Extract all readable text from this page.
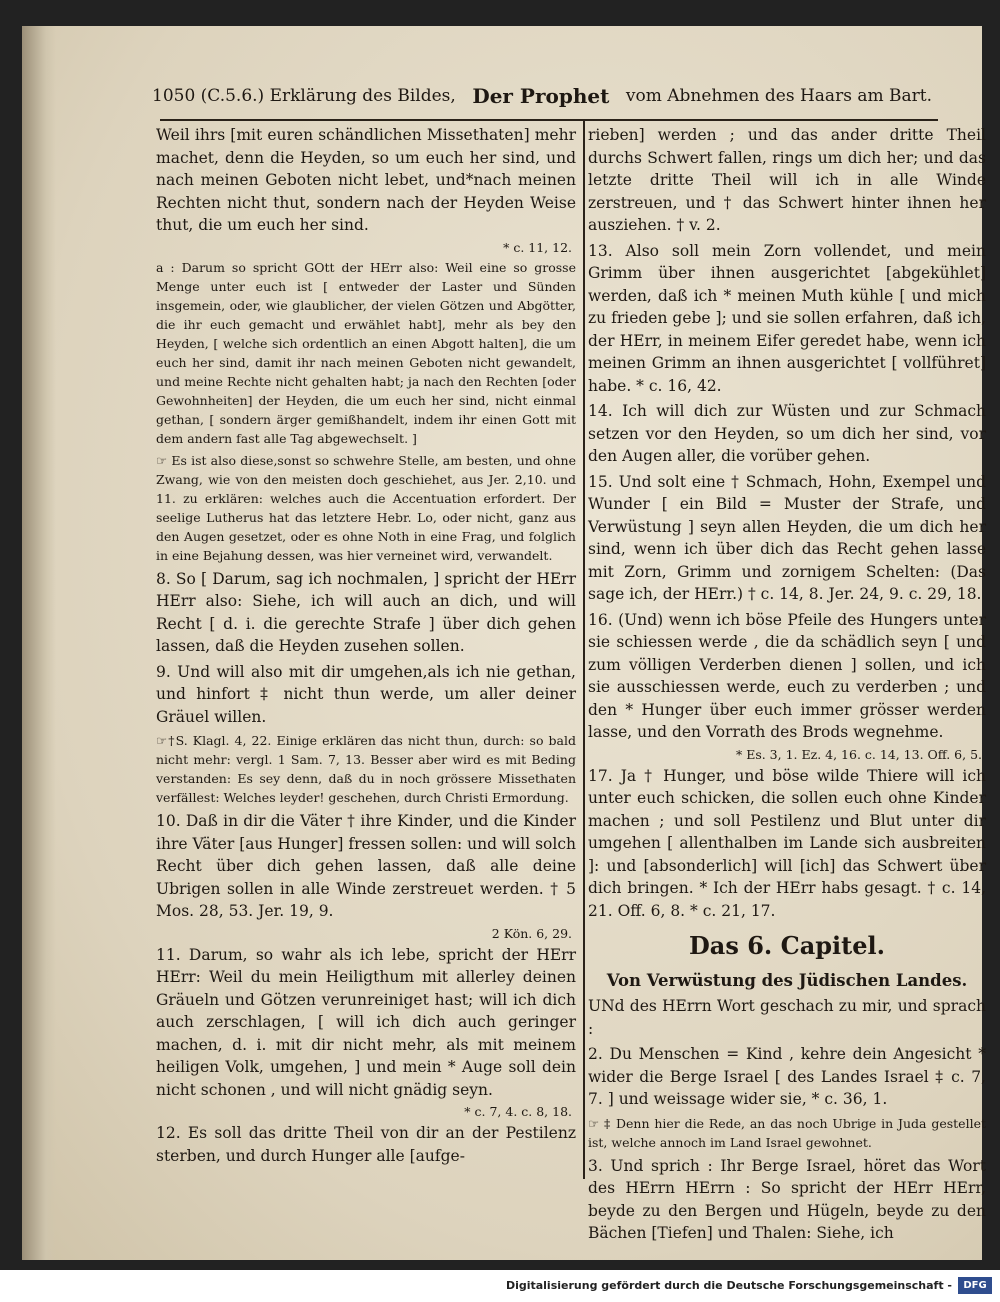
1050 (C.5.6.) Erklärung des Bildes, Der Prophet vom Abnehmen des Haars am Bart.

Weil ihrs [mit euren schändlichen Missethaten] mehr machet, denn die Heyden, so um euch her sind, und nach meinen Geboten nicht lebet, und*nach meinen Rechten nicht thut, sondern nach der Heyden Weise thut, die um euch her sind.

* c. 11, 12.

a : Darum so spricht GOtt der HErr also: Weil eine so grosse Menge unter euch ist [ entweder der Laster und Sünden insgemein, oder, wie glaublicher, der vielen Götzen und Abgötter, die ihr euch gemacht und erwählet habt], mehr als bey den Heyden, [ welche sich ordentlich an einen Abgott halten], die um euch her sind, damit ihr nach meinen Geboten nicht gewandelt, und meine Rechte nicht gehalten habt; ja nach den Rechten [oder Gewohnheiten] der Heyden, die um euch her sind, nicht einmal gethan, [ sondern ärger gemißhandelt, indem ihr einen Gott mit dem andern fast alle Tag abgewechselt. ]

☞ Es ist also diese,sonst so schwehre Stelle, am besten, und ohne Zwang, wie von den meisten doch geschiehet, aus Jer. 2,10. und 11. zu erklären: welches auch die Accentuation erfordert. Der seelige Lutherus hat das letztere Hebr. Lo, oder nicht, ganz aus den Augen gesetzet, oder es ohne Noth in eine Frag, und folglich in eine Bejahung dessen, was hier verneinet wird, verwandelt.

8. So [ Darum, sag ich nochmalen, ] spricht der HErr HErr also: Siehe, ich will auch an dich, und will Recht [ d. i. die gerechte Strafe ] über dich gehen lassen, daß die Heyden zusehen sollen.

9. Und will also mit dir umgehen,als ich nie gethan, und hinfort ‡ nicht thun werde, um aller deiner Gräuel willen.

☞†S. Klagl. 4, 22. Einige erklären das nicht thun, durch: so bald nicht mehr: vergl. 1 Sam. 7, 13. Besser aber wird es mit Beding verstanden: Es sey denn, daß du in noch grössere Missethaten verfällest: Welches leyder! geschehen, durch Christi Ermordung.

10. Daß in dir die Väter † ihre Kinder, und die Kinder ihre Väter [aus Hunger] fressen sollen: und will solch Recht über dich gehen lassen, daß alle deine Ubrigen sollen in alle Winde zerstreuet werden. † 5 Mos. 28, 53. Jer. 19, 9.

2 Kön. 6, 29.

11. Darum, so wahr als ich lebe, spricht der HErr HErr: Weil du mein Heiligthum mit allerley deinen Gräueln und Götzen verunreiniget hast; will ich dich auch zerschlagen, [ will ich dich auch geringer machen, d. i. mit dir nicht mehr, als mit meinem heiligen Volk, umgehen, ] und mein * Auge soll dein nicht schonen , und will nicht gnädig seyn.

* c. 7, 4. c. 8, 18.

12. Es soll das dritte Theil von dir an der Pestilenz sterben, und durch Hunger alle [aufge-

rieben] werden ; und das ander dritte Theil durchs Schwert fallen, rings um dich her; und das letzte dritte Theil will ich in alle Winde zerstreuen, und † das Schwert hinter ihnen her ausziehen. † v. 2.

13. Also soll mein Zorn vollendet, und mein Grimm über ihnen ausgerichtet [abgekühlet] werden, daß ich * meinen Muth kühle [ und mich zu frieden gebe ]; und sie sollen erfahren, daß ich, der HErr, in meinem Eifer geredet habe, wenn ich meinen Grimm an ihnen ausgerichtet [ vollführet] habe. * c. 16, 42.

14. Ich will dich zur Wüsten und zur Schmach setzen vor den Heyden, so um dich her sind, vor den Augen aller, die vorüber gehen.

15. Und solt eine † Schmach, Hohn, Exempel und Wunder [ ein Bild = Muster der Strafe, und Verwüstung ] seyn allen Heyden, die um dich her sind, wenn ich über dich das Recht gehen lasse mit Zorn, Grimm und zornigem Schelten: (Das sage ich, der HErr.) † c. 14, 8. Jer. 24, 9. c. 29, 18.

16. (Und) wenn ich böse Pfeile des Hungers unter sie schiessen werde , die da schädlich seyn [ und zum völligen Verderben dienen ] sollen, und ich sie ausschiessen werde, euch zu verderben ; und den * Hunger über euch immer grösser werden lasse, und den Vorrath des Brods wegnehme.

* Es. 3, 1. Ez. 4, 16. c. 14, 13. Off. 6, 5.

17. Ja † Hunger, und böse wilde Thiere will ich unter euch schicken, die sollen euch ohne Kinder machen ; und soll Pestilenz und Blut unter dir umgehen [ allenthalben im Lande sich ausbreiten ]: und [absonderlich] will [ich] das Schwert über dich bringen. * Ich der HErr habs gesagt. † c. 14, 21. Off. 6, 8. * c. 21, 17.

Das 6. Capitel.
Von Verwüstung des Jüdischen Landes.

UNd des HErrn Wort geschach zu mir, und sprach :

2. Du Menschen = Kind , kehre dein Angesicht * wider die Berge Israel [ des Landes Israel ‡ c. 7, 7. ] und weissage wider sie, * c. 36, 1.

☞ ‡ Denn hier die Rede, an das noch Ubrige in Juda gestellet ist, welche annoch im Land Israel gewohnet.

3. Und sprich : Ihr Berge Israel, höret das Wort des HErrn HErrn : So spricht der HErr HErr, beyde zu den Bergen und Hügeln, beyde zu den Bächen [Tiefen] und Thalen: Siehe, ich

Digitalisierung gefördert durch die Deutsche Forschungsgemeinschaft -	DFG
